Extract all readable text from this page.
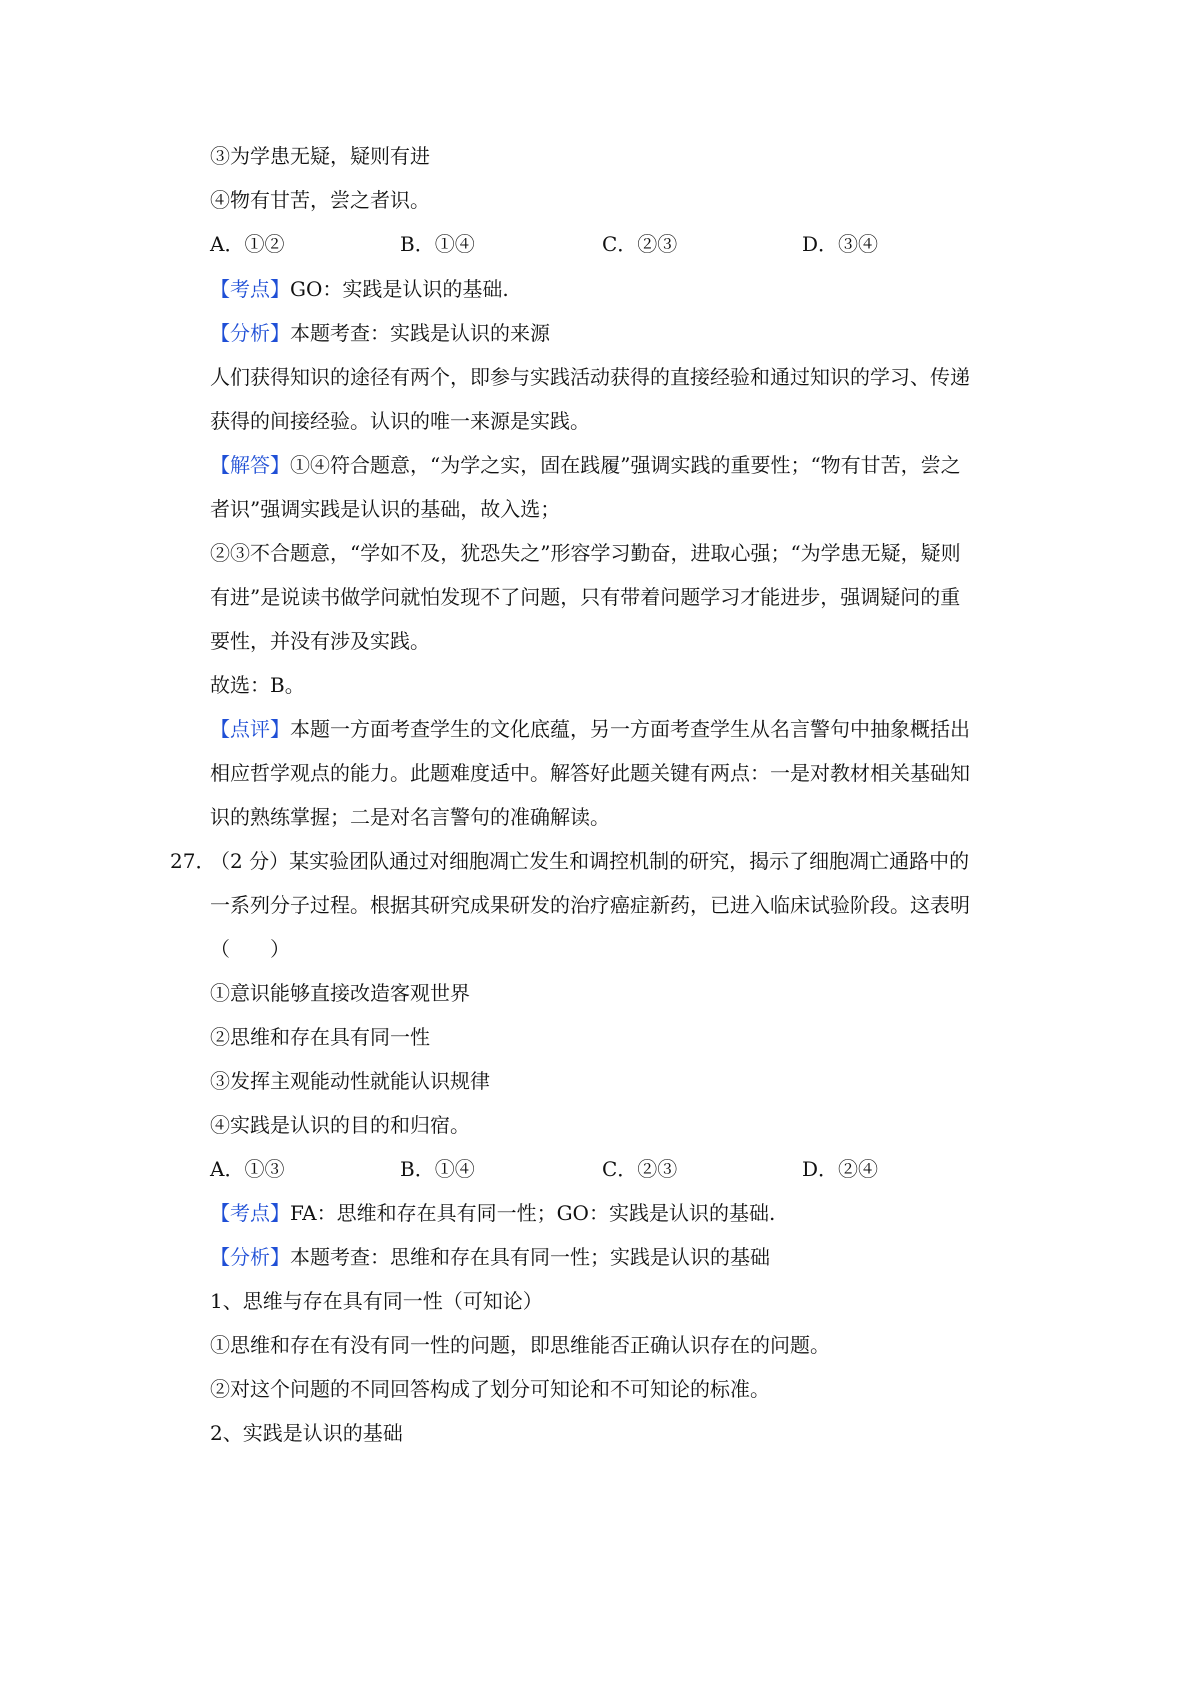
③为学患无疑，疑则有进
④物有甘苦，尝之者识。
A．①②	B．①④	C．②③	D．③④
【考点】GO：实践是认识的基础.
【分析】本题考查：实践是认识的来源
人们获得知识的途径有两个，即参与实践活动获得的直接经验和通过知识的学习、传递
获得的间接经验。认识的唯一来源是实践。
【解答】①④符合题意，“为学之实，固在践履”强调实践的重要性；“物有甘苦，尝之
者识”强调实践是认识的基础，故入选；
②③不合题意，“学如不及，犹恐失之”形容学习勤奋，进取心强；“为学患无疑，疑则
有进”是说读书做学问就怕发现不了问题，只有带着问题学习才能进步，强调疑问的重
要性，并没有涉及实践。
故选：B。
【点评】本题一方面考查学生的文化底蕴，另一方面考查学生从名言警句中抽象概括出
相应哲学观点的能力。此题难度适中。解答好此题关键有两点：一是对教材相关基础知
识的熟练掌握；二是对名言警句的准确解读。
27．
（2 分）某实验团队通过对细胞凋亡发生和调控机制的研究，揭示了细胞凋亡通路中的
一系列分子过程。根据其研究成果研发的治疗癌症新药，已进入临床试验阶段。这表明
（　　）
①意识能够直接改造客观世界
②思维和存在具有同一性
③发挥主观能动性就能认识规律
④实践是认识的目的和归宿。
A．①③	B．①④	C．②③	D．②④
【考点】FA：思维和存在具有同一性；GO：实践是认识的基础.
【分析】本题考查：思维和存在具有同一性；实践是认识的基础
1、思维与存在具有同一性（可知论）
①思维和存在有没有同一性的问题，即思维能否正确认识存在的问题。
②对这个问题的不同回答构成了划分可知论和不可知论的标准。
2、实践是认识的基础
